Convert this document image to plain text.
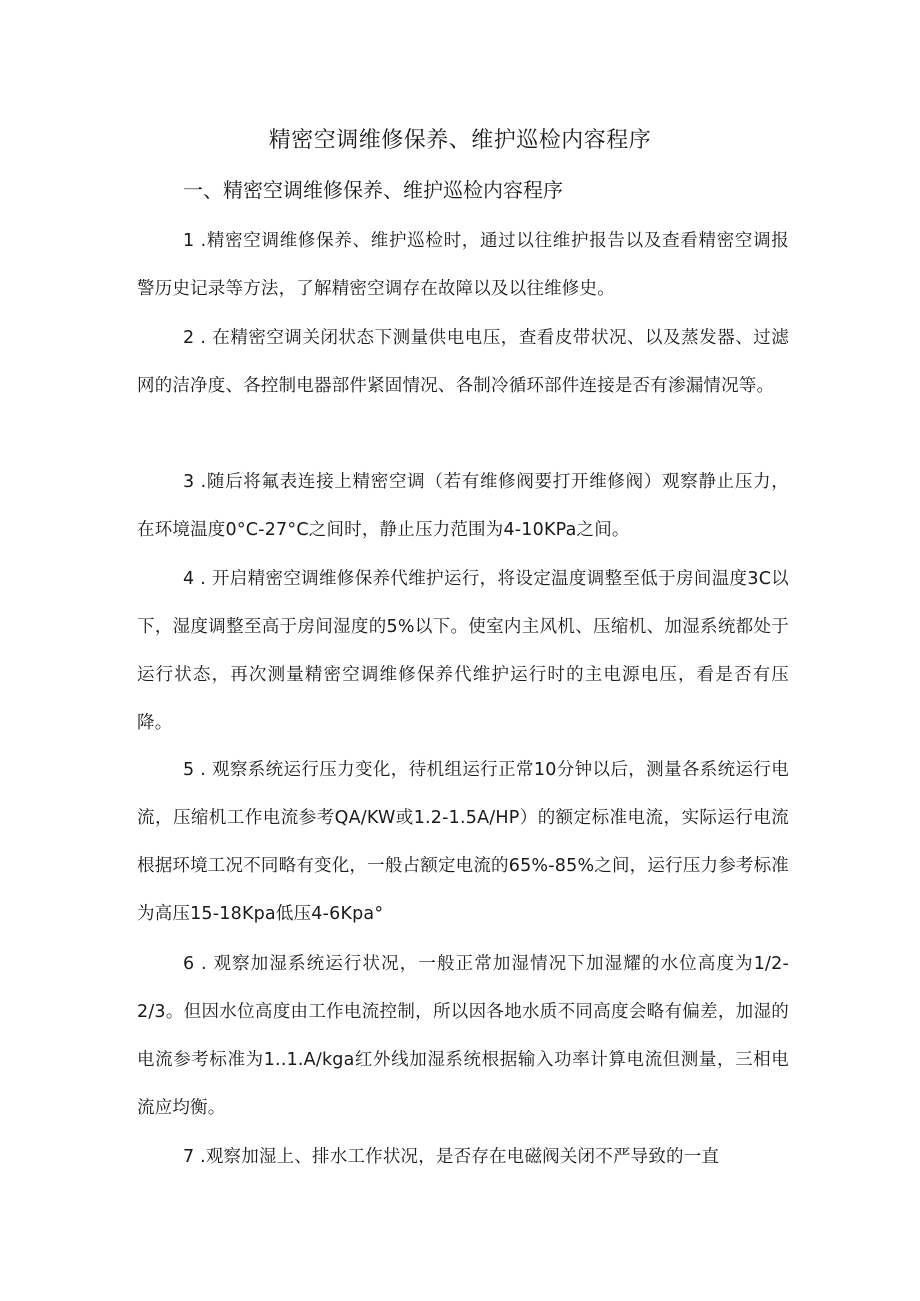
精密空调维修保养、维护巡检内容程序
一、精密空调维修保养、维护巡检内容程序

1 .精密空调维修保养、维护巡检时，通过以往维护报告以及查看精密空调报警历史记录等方法，了解精密空调存在故障以及以往维修史。

2 . 在精密空调关闭状态下测量供电电压，查看皮带状况、以及蒸发器、过滤网的洁净度、各控制电器部件紧固情况、各制冷循环部件连接是否有渗漏情况等。

3 .随后将氟表连接上精密空调（若有维修阀要打开维修阀）观察静止压力，在环境温度0°C-27°C之间时，静止压力范围为4-10KPa之间。

4 . 开启精密空调维修保养代维护运行，将设定温度调整至低于房间温度3C以下，湿度调整至高于房间湿度的5%以下。使室内主风机、压缩机、加湿系统都处于运行状态，再次测量精密空调维修保养代维护运行时的主电源电压，看是否有压降。

5 . 观察系统运行压力变化，待机组运行正常10分钟以后，测量各系统运行电流，压缩机工作电流参考QA/KW或1.2-1.5A/HP）的额定标准电流，实际运行电流根据环境工况不同略有变化，一般占额定电流的65%-85%之间，运行压力参考标准为高压15-18Kpa低压4-6Kpa°

6 . 观察加湿系统运行状况，一般正常加湿情况下加湿耀的水位高度为1/2-2/3。但因水位高度由工作电流控制，所以因各地水质不同高度会略有偏差，加湿的电流参考标准为1..1.A∕kga红外线加湿系统根据输入功率计算电流但测量，三相电流应均衡。

7 .观察加湿上、排水工作状况，是否存在电磁阀关闭不严导致的一直
